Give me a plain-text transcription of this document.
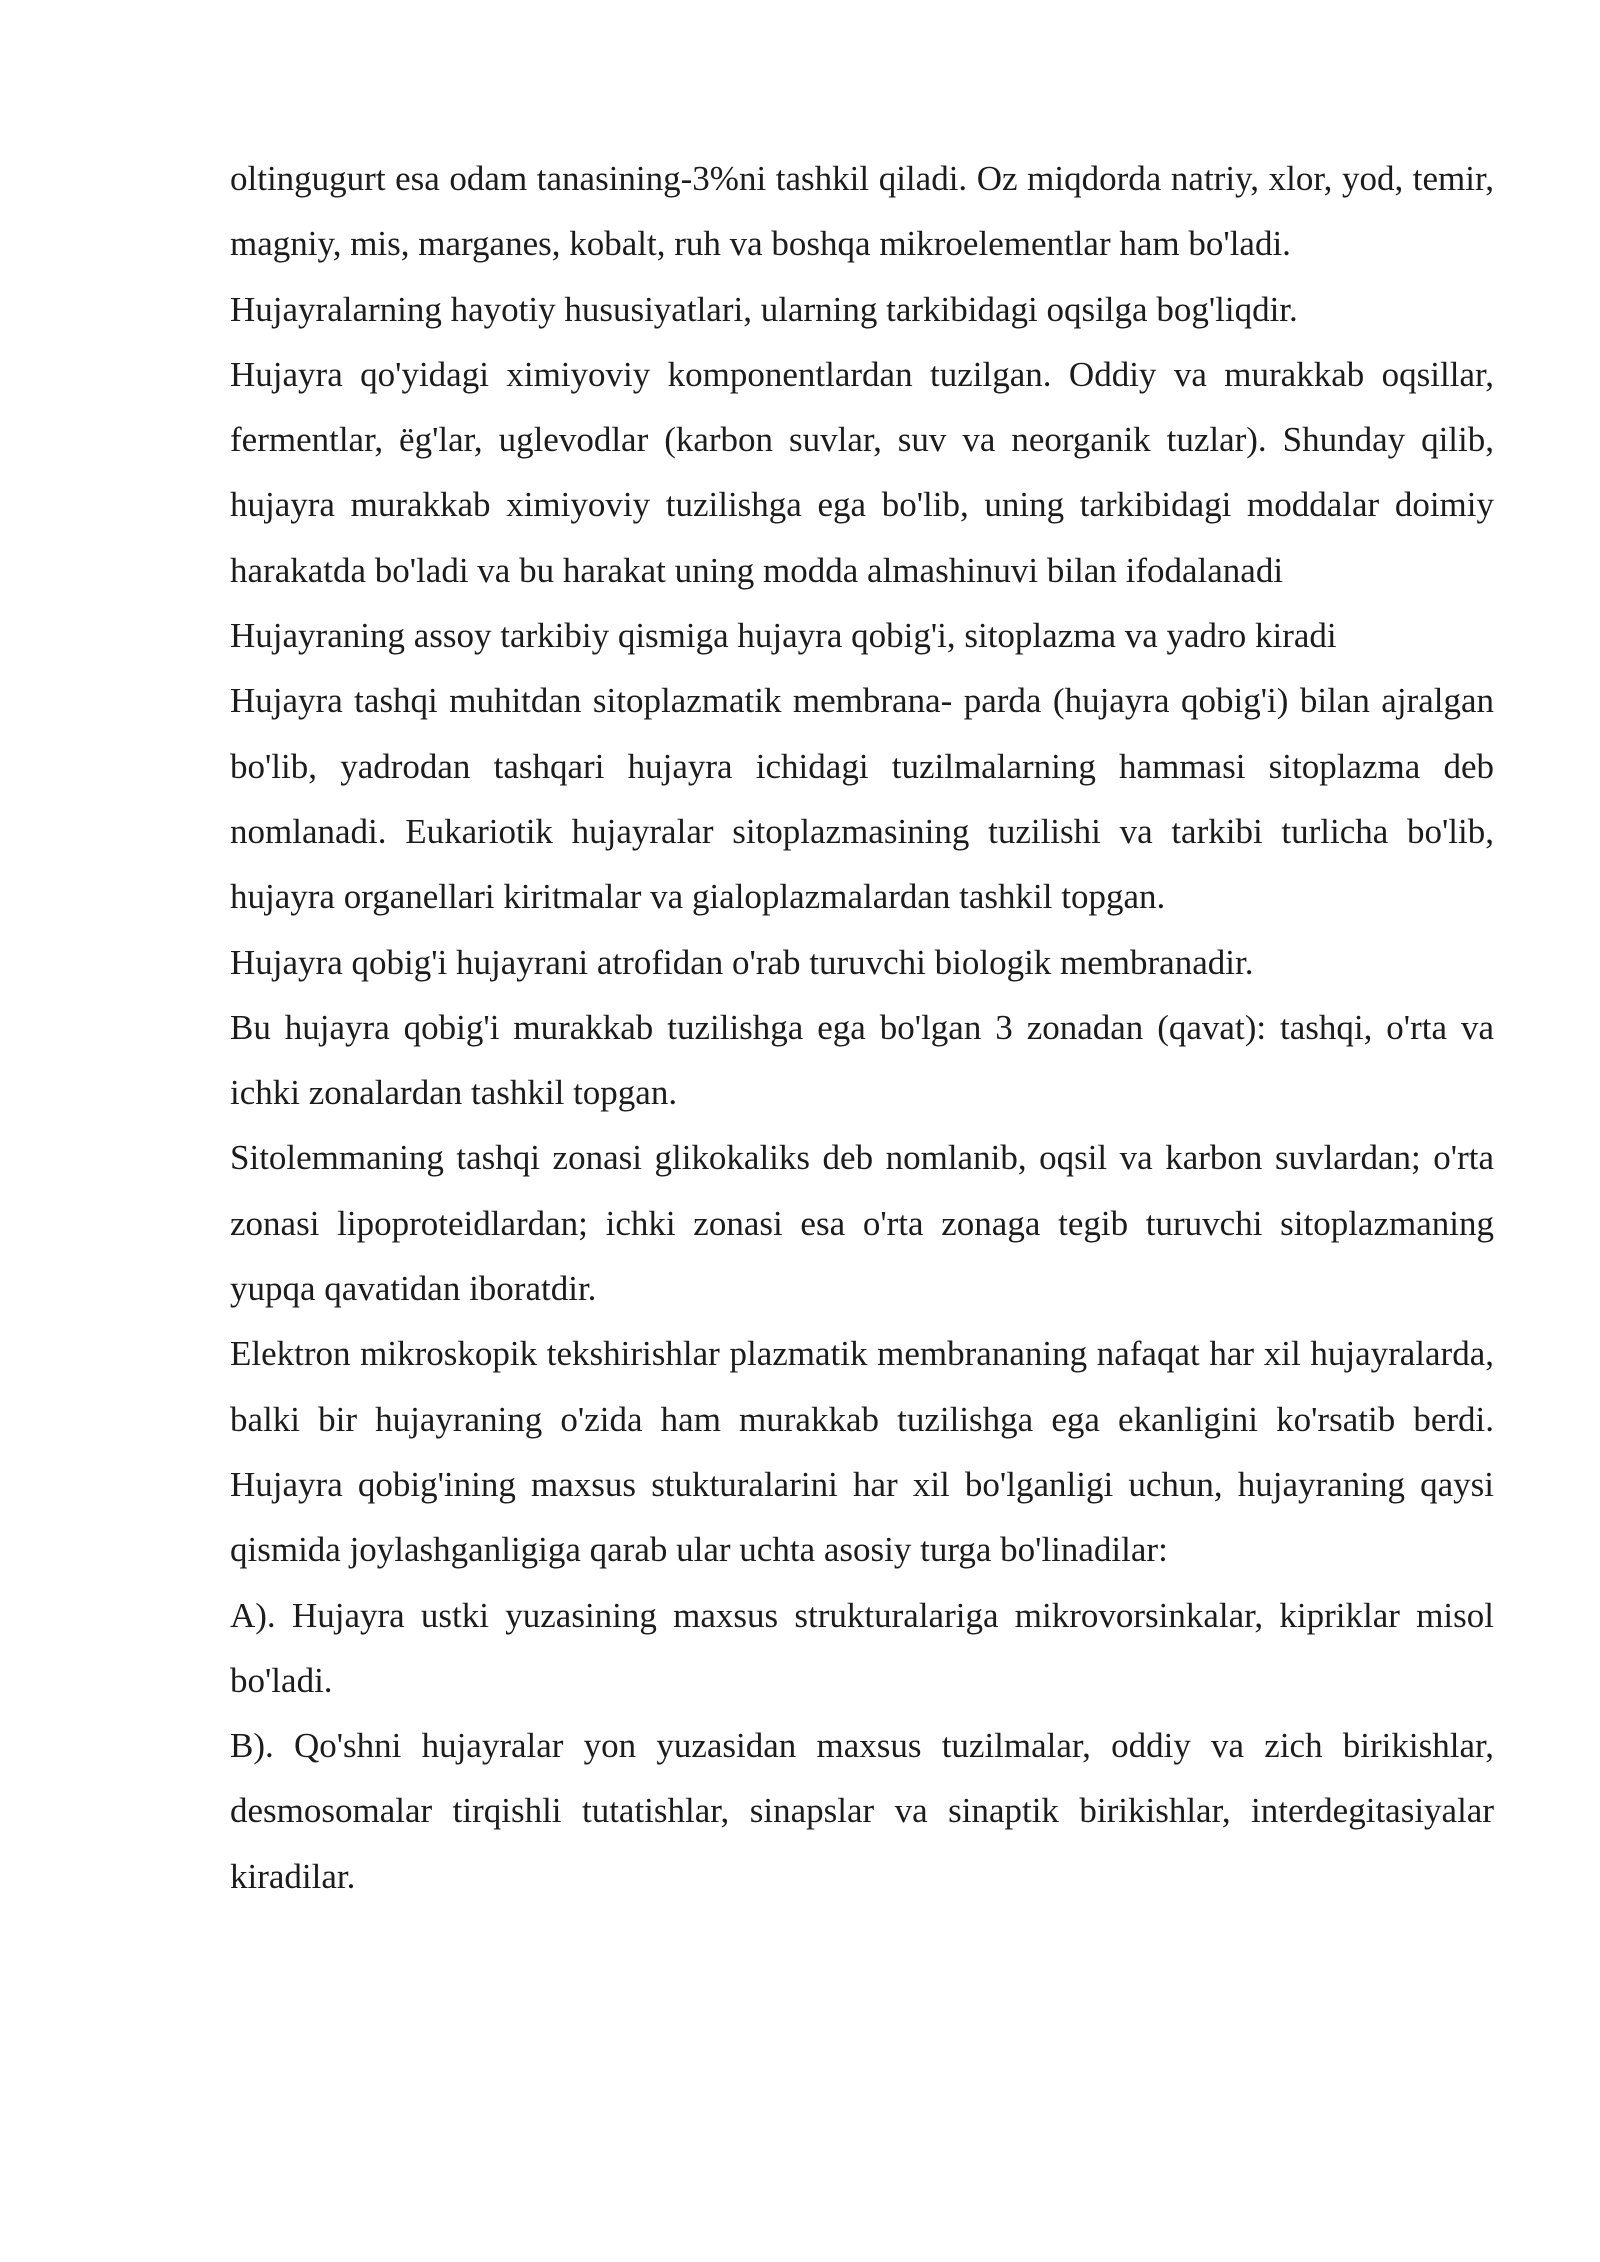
oltingugurt esa odam tanasining-3%ni tashkil qiladi. Oz miqdorda natriy, xlor, yod, temir, magniy, mis, marganes, kobalt, ruh va boshqa mikroelementlar ham bo'ladi.

Hujayralarning hayotiy hususiyatlari, ularning tarkibidagi oqsilga bog'liqdir.

Hujayra qo'yidagi ximiyoviy komponentlardan tuzilgan. Oddiy va murakkab oqsillar, fermentlar, ёg'lar, uglevodlar (karbon suvlar, suv va neorganik tuzlar). Shunday qilib, hujayra murakkab ximiyoviy tuzilishga ega bo'lib, uning tarkibidagi moddalar doimiy harakatda bo'ladi va bu harakat uning modda almashinuvi bilan ifodalanadi

Hujayraning assoy tarkibiy qismiga hujayra qobig'i, sitoplazma va yadro kiradi

Hujayra tashqi muhitdan sitoplazmatik membrana- parda (hujayra qobig'i) bilan ajralgan bo'lib, yadrodan tashqari hujayra ichidagi tuzilmalarning hammasi sitoplazma deb nomlanadi. Eukariotik hujayralar sitoplazmasining tuzilishi va tarkibi turlicha bo'lib, hujayra organellari kiritmalar va gialoplazmalardan tashkil topgan.

Hujayra qobig'i hujayrani atrofidan o'rab turuvchi biologik membranadir.

Bu hujayra qobig'i murakkab tuzilishga ega bo'lgan 3 zonadan (qavat): tashqi, o'rta va ichki zonalardan tashkil topgan.

Sitolemmaning tashqi zonasi glikokaliks deb nomlanib, oqsil va karbon suvlardan; o'rta zonasi lipoproteidlardan; ichki zonasi esa o'rta zonaga tegib turuvchi sitoplazmaning yupqa qavatidan iboratdir.

Elektron mikroskopik tekshirishlar plazmatik membrananing nafaqat har xil hujayralarda, balki bir hujayraning o'zida ham murakkab tuzilishga ega ekanligini ko'rsatib berdi. Hujayra qobig'ining maxsus stukturalarini har xil bo'lganligi uchun, hujayraning qaysi qismida joylashganligiga qarab ular uchta asosiy turga bo'linadilar:

A). Hujayra ustki yuzasining maxsus strukturalariga mikrovorsinkalar, kipriklar misol bo'ladi.

B). Qo'shni hujayralar yon yuzasidan maxsus tuzilmalar, oddiy va zich birikishlar, desmosomalar tirqishli tutatishlar, sinapslar va sinaptik birikishlar, interdegitasiyalar kiradilar.
